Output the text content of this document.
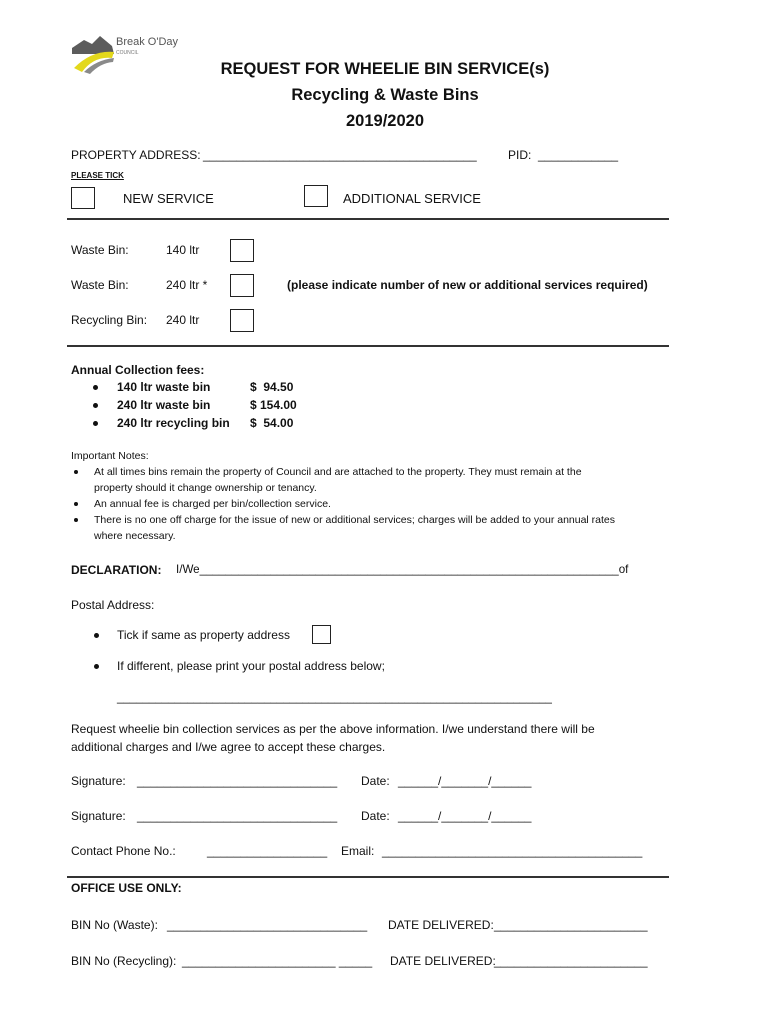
Break O'Day
COUNCIL
REQUEST FOR WHEELIE BIN SERVICE(s)
Recycling & Waste Bins
2019/2020
PROPERTY ADDRESS: _________________________________________	PID: ____________
PLEASE TICK
NEW SERVICE	ADDITIONAL SERVICE
Waste Bin:	140 ltr
Waste Bin:	240 ltr *	(please indicate number of new or additional services required)
Recycling Bin: 240 ltr
Annual Collection fees:
140 ltr waste bin	$  94.50
240 ltr waste bin	$ 154.00
240 ltr recycling bin $  54.00
Important Notes:
At all times bins remain the property of Council and are attached to the property. They must remain at the
property should it change ownership or tenancy.
An annual fee is charged per bin/collection service.
There is no one off charge for the issue of new or additional services; charges will be added to your annual rates
where necessary.
DECLARATION: I/We_________________________________________________________________of
Postal Address:
Tick if same as property address
If different, please print your postal address below;
____________________________________________________________________
Request wheelie bin collection services as per the above information. I/we understand there will be
additional charges and I/we agree to accept these charges.
Signature: ______________________________ Date: ______/_______/______
Signature: ______________________________ Date: ______/_______/______
Contact Phone No.:	__________________ Email: _______________________________________
OFFICE USE ONLY:
BIN No (Waste): ______________________________ DATE DELIVERED: _______________________
BIN No (Recycling): _______________________ _____ DATE DELIVERED:
_______________________
